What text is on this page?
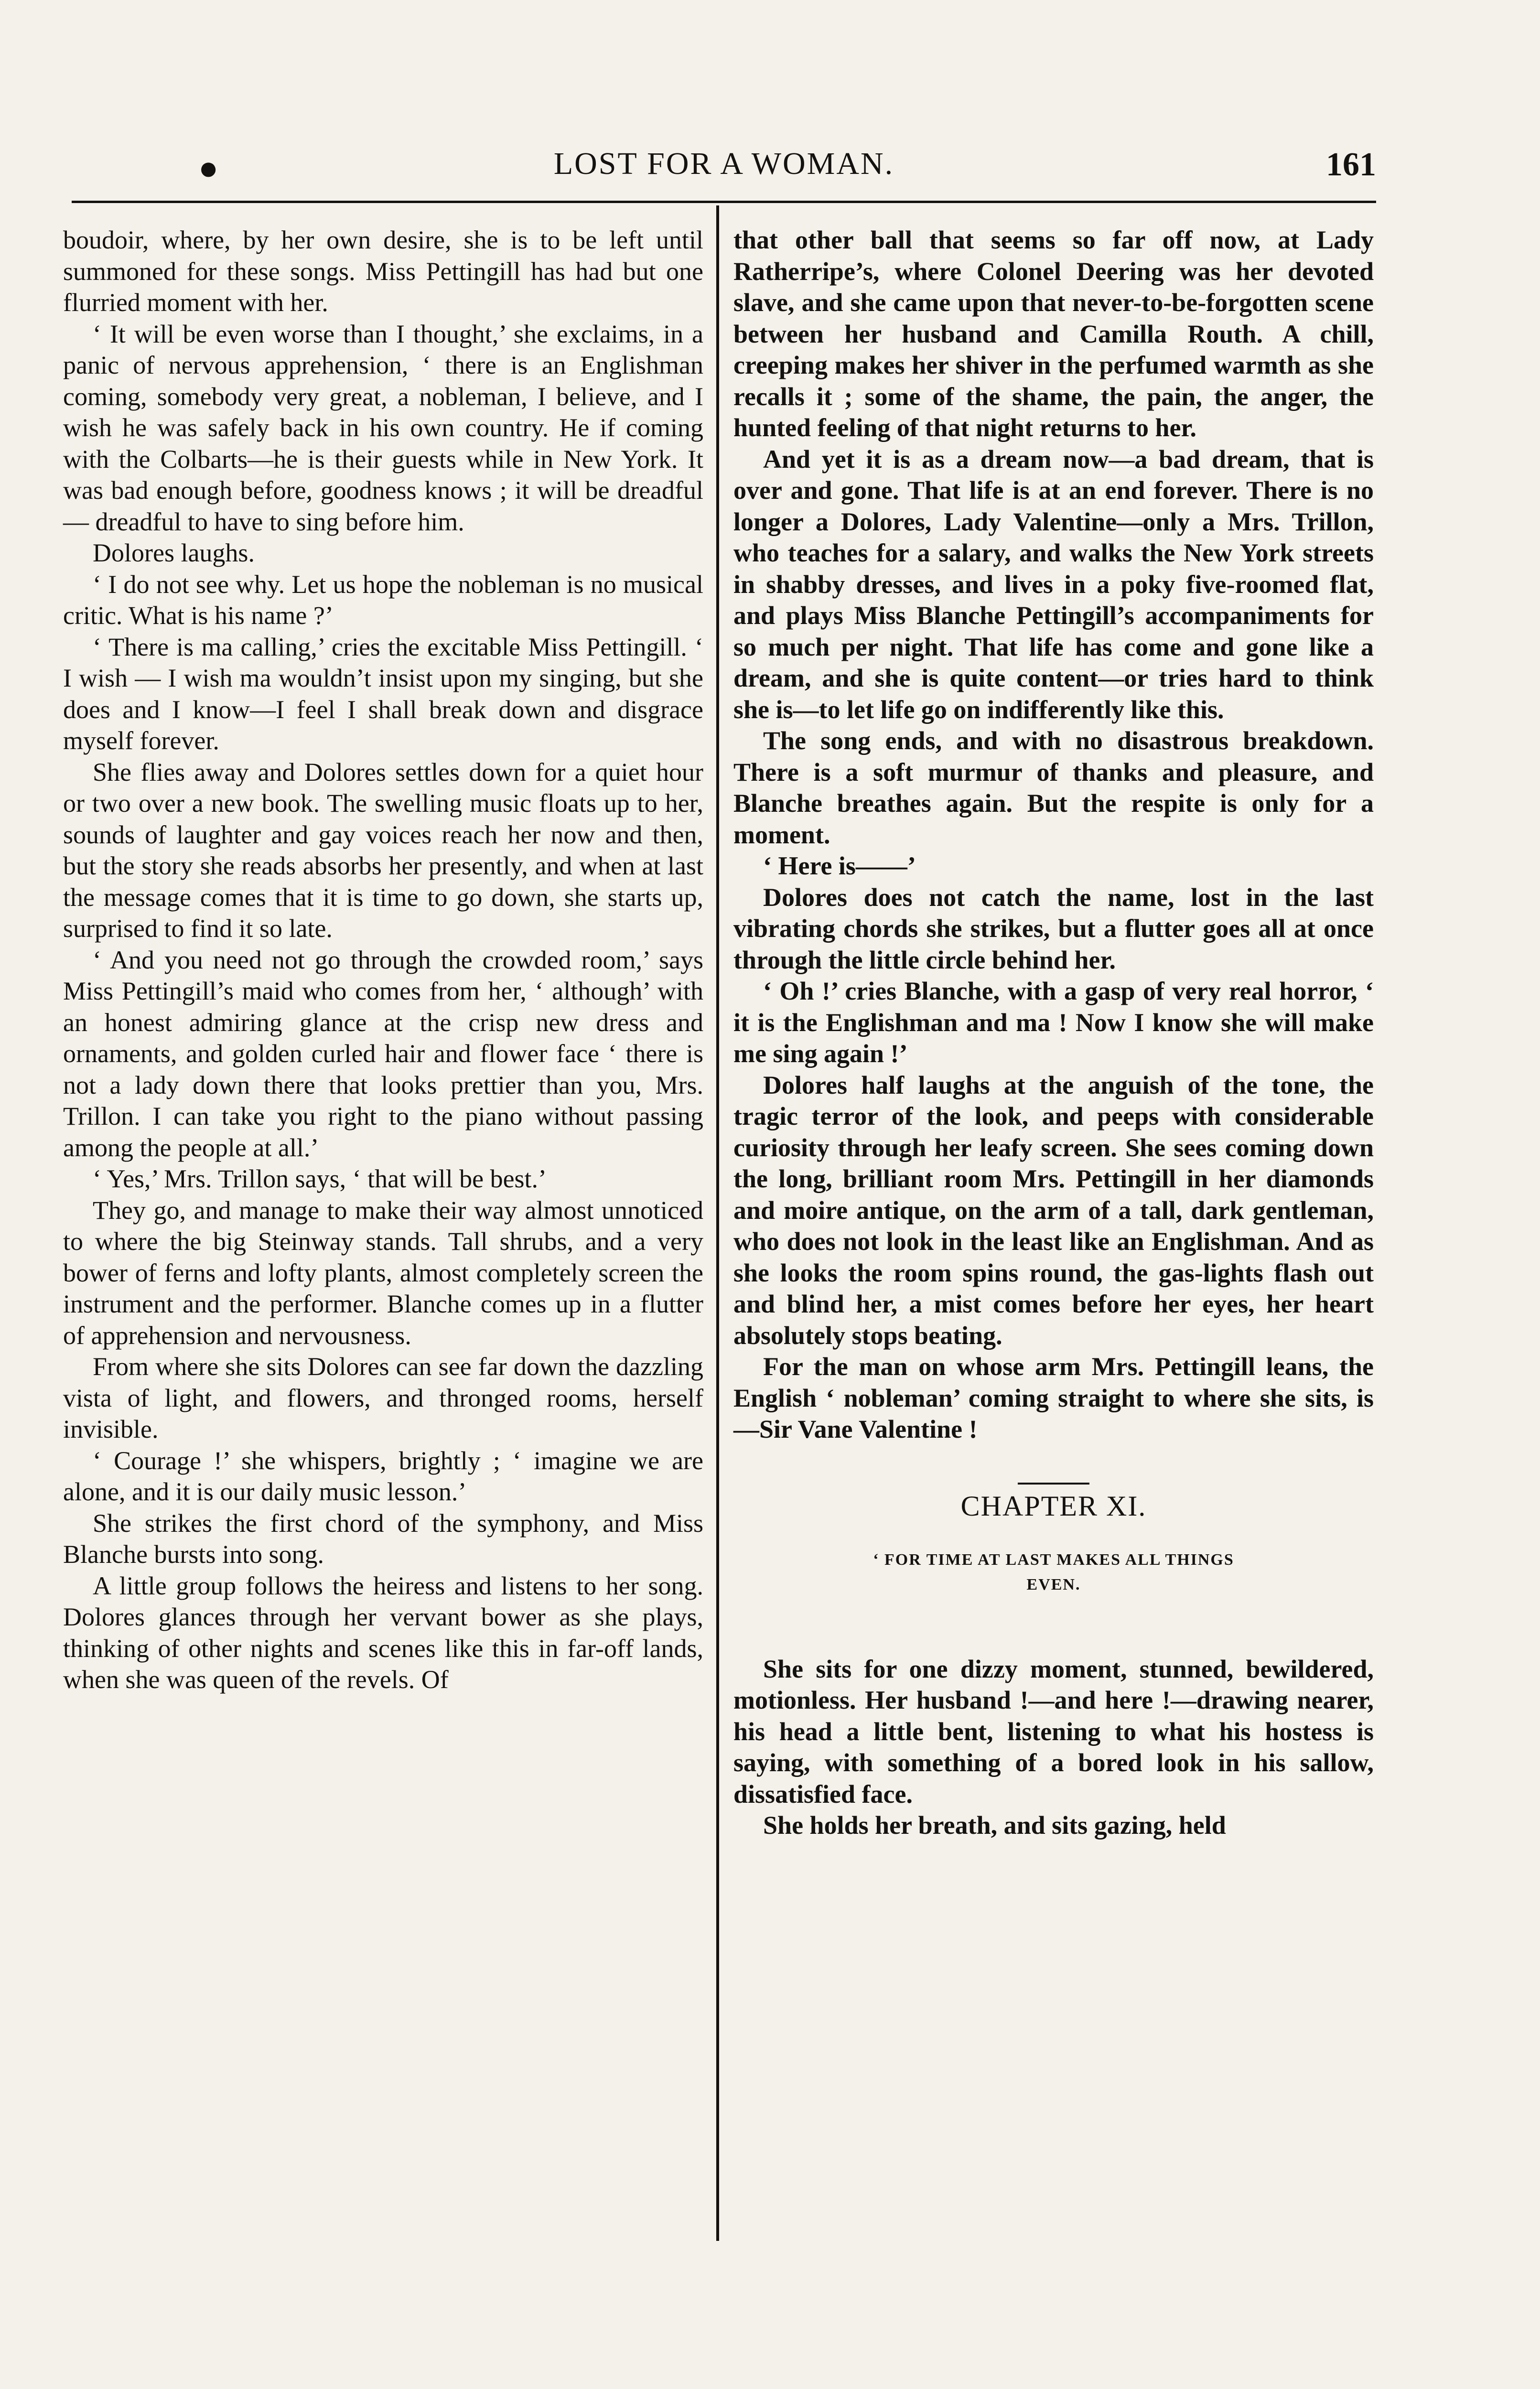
●	LOST FOR A WOMAN.	161

boudoir, where, by her own desire, she is to be left until summoned for these songs. Miss Pettingill has had but one flurried moment with her.

‘ It will be even worse than I thought,’ she exclaims, in a panic of nervous apprehension, ‘ there is an Englishman coming, somebody very great, a nobleman, I believe, and I wish he was safely back in his own country. He if coming with the Colbarts—he is their guests while in New York. It was bad enough before, goodness knows ; it will be dreadful — dreadful to have to sing before him.

Dolores laughs.

‘ I do not see why. Let us hope the nobleman is no musical critic. What is his name ?’

‘ There is ma calling,’ cries the excitable Miss Pettingill. ‘ I wish — I wish ma wouldn’t insist upon my singing, but she does and I know—I feel I shall break down and disgrace myself forever.

She flies away and Dolores settles down for a quiet hour or two over a new book. The swelling music floats up to her, sounds of laughter and gay voices reach her now and then, but the story she reads absorbs her presently, and when at last the message comes that it is time to go down, she starts up, surprised to find it so late.

‘ And you need not go through the crowded room,’ says Miss Pettingill’s maid who comes from her, ‘ although’ with an honest admiring glance at the crisp new dress and ornaments, and golden curled hair and flower face ‘ there is not a lady down there that looks prettier than you, Mrs. Trillon. I can take you right to the piano without passing among the people at all.’

‘ Yes,’ Mrs. Trillon says, ‘ that will be best.’

They go, and manage to make their way almost unnoticed to where the big Steinway stands. Tall shrubs, and a very bower of ferns and lofty plants, almost completely screen the instrument and the performer. Blanche comes up in a flutter of apprehension and nervousness.

From where she sits Dolores can see far down the dazzling vista of light, and flowers, and thronged rooms, herself invisible.

‘ Courage !’ she whispers, brightly ; ‘ imagine we are alone, and it is our daily music lesson.’

She strikes the first chord of the symphony, and Miss Blanche bursts into song.

A little group follows the heiress and listens to her song. Dolores glances through her vervant bower as she plays, thinking of other nights and scenes like this in far-off lands, when she was queen of the revels. Of

that other ball that seems so far off now, at Lady Ratherripe’s, where Colonel Deering was her devoted slave, and she came upon that never-to-be-forgotten scene between her husband and Camilla Routh. A chill, creeping makes her shiver in the perfumed warmth as she recalls it ; some of the shame, the pain, the anger, the hunted feeling of that night returns to her.

And yet it is as a dream now—a bad dream, that is over and gone. That life is at an end forever. There is no longer a Dolores, Lady Valentine—only a Mrs. Trillon, who teaches for a salary, and walks the New York streets in shabby dresses, and lives in a poky five-roomed flat, and plays Miss Blanche Pettingill’s accompaniments for so much per night. That life has come and gone like a dream, and she is quite content—or tries hard to think she is—to let life go on indifferently like this.

The song ends, and with no disastrous breakdown. There is a soft murmur of thanks and pleasure, and Blanche breathes again. But the respite is only for a moment.

‘ Here is——’

Dolores does not catch the name, lost in the last vibrating chords she strikes, but a flutter goes all at once through the little circle behind her.

‘ Oh !’ cries Blanche, with a gasp of very real horror, ‘ it is the Englishman and ma ! Now I know she will make me sing again !’

Dolores half laughs at the anguish of the tone, the tragic terror of the look, and peeps with considerable curiosity through her leafy screen. She sees coming down the long, brilliant room Mrs. Pettingill in her diamonds and moire antique, on the arm of a tall, dark gentleman, who does not look in the least like an Englishman. And as she looks the room spins round, the gas-lights flash out and blind her, a mist comes before her eyes, her heart absolutely stops beating.

For the man on whose arm Mrs. Pettingill leans, the English ‘ nobleman’ coming straight to where she sits, is—Sir Vane Valentine !

CHAPTER XI.
‘ FOR TIME AT LAST MAKES ALL THINGS
EVEN.

She sits for one dizzy moment, stunned, bewildered, motionless. Her husband !—and here !—drawing nearer, his head a little bent, listening to what his hostess is saying, with something of a bored look in his sallow, dissatisfied face.

She holds her breath, and sits gazing, held
